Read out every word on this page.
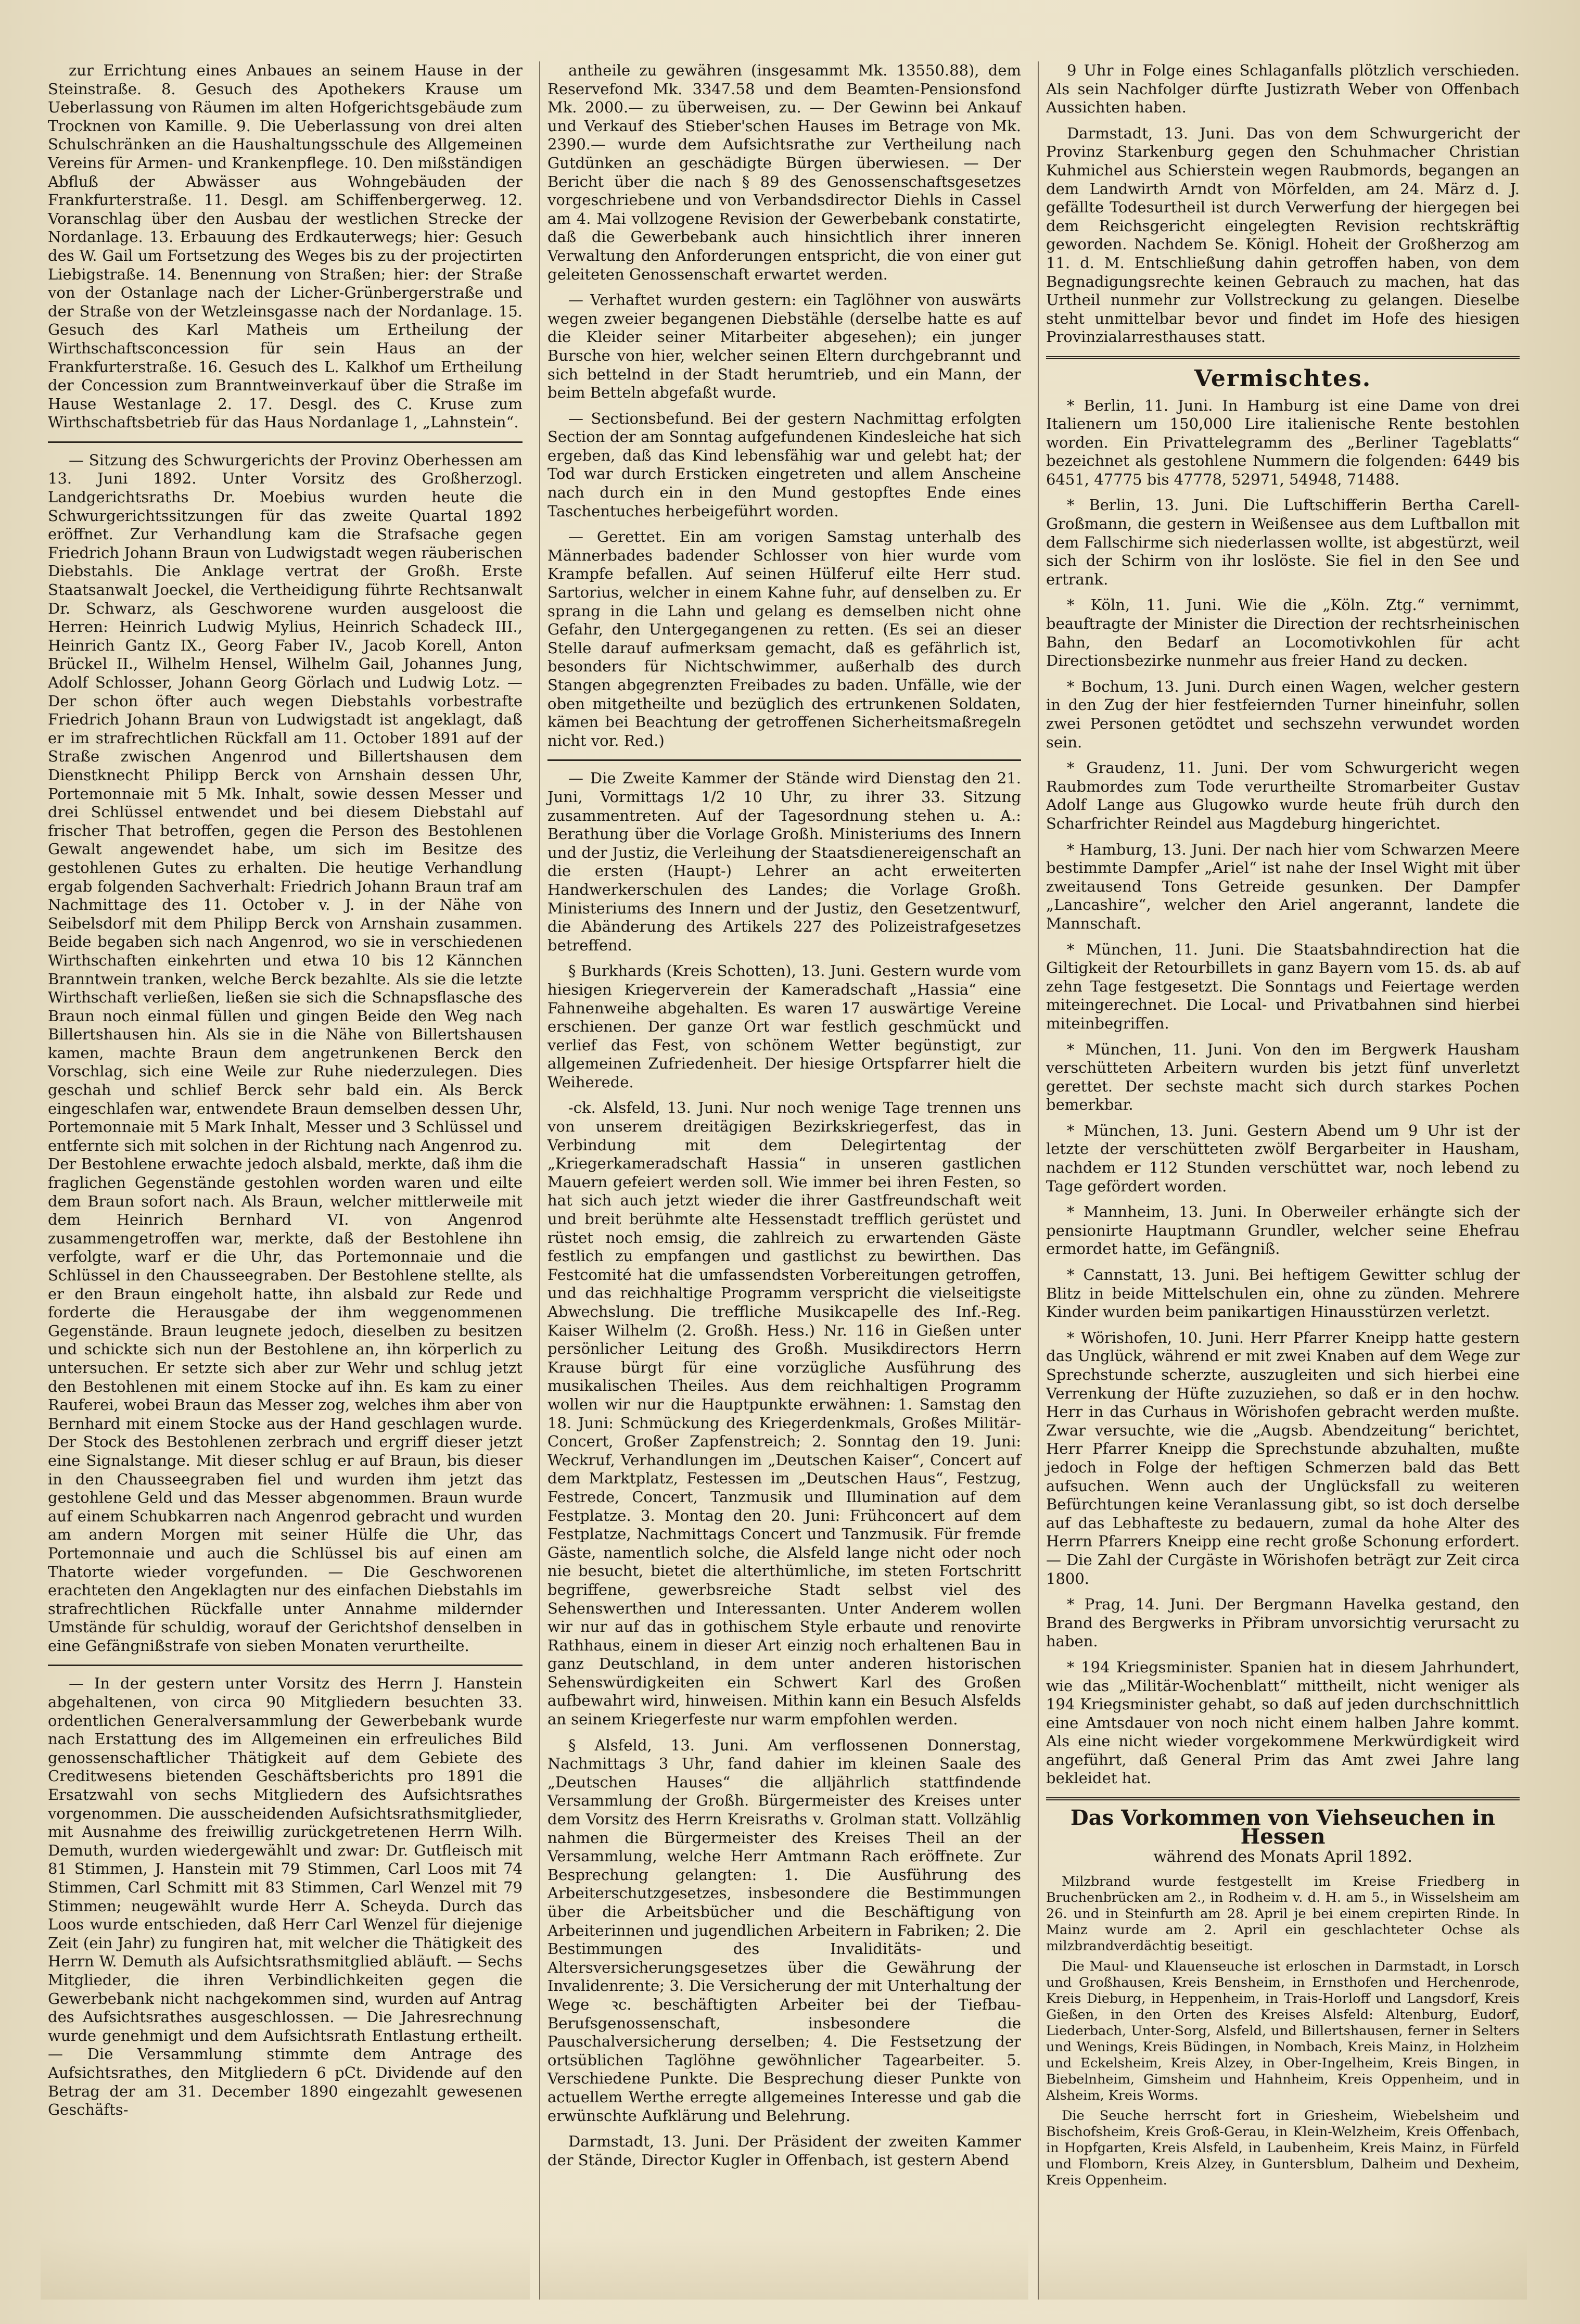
zur Errichtung eines Anbaues an seinem Hause in der Steinstraße. 8. Gesuch des Apothekers Krause um Ueberlassung von Räumen im alten Hofgerichtsgebäude zum Trocknen von Kamille. 9. Die Ueberlassung von drei alten Schulschränken an die Haushaltungsschule des Allgemeinen Vereins für Armen- und Krankenpflege. 10. Den mißständigen Abfluß der Abwässer aus Wohngebäuden der Frankfurterstraße. 11. Desgl. am Schiffenbergerweg. 12. Voranschlag über den Ausbau der westlichen Strecke der Nordanlage. 13. Erbauung des Erdkauterwegs; hier: Gesuch des W. Gail um Fortsetzung des Weges bis zu der projectirten Liebigstraße. 14. Benennung von Straßen; hier: der Straße von der Ostanlage nach der Licher-Grünbergerstraße und der Straße von der Wetzleinsgasse nach der Nordanlage. 15. Gesuch des Karl Matheis um Ertheilung der Wirthschaftsconcession für sein Haus an der Frankfurterstraße. 16. Gesuch des L. Kalkhof um Ertheilung der Concession zum Branntweinverkauf über die Straße im Hause Westanlage 2. 17. Desgl. des C. Kruse zum Wirthschaftsbetrieb für das Haus Nordanlage 1, „Lahnstein“.

— Sitzung des Schwurgerichts der Provinz Oberhessen am 13. Juni 1892. Unter Vorsitz des Großherzogl. Landgerichtsraths Dr. Moebius wurden heute die Schwurgerichtssitzungen für das zweite Quartal 1892 eröffnet. Zur Verhandlung kam die Strafsache gegen Friedrich Johann Braun von Ludwigstadt wegen räuberischen Diebstahls. Die Anklage vertrat der Großh. Erste Staatsanwalt Joeckel, die Vertheidigung führte Rechtsanwalt Dr. Schwarz, als Geschworene wurden ausgeloost die Herren: Heinrich Ludwig Mylius, Heinrich Schadeck III., Heinrich Gantz IX., Georg Faber IV., Jacob Korell, Anton Brückel II., Wilhelm Hensel, Wilhelm Gail, Johannes Jung, Adolf Schlosser, Johann Georg Görlach und Ludwig Lotz. — Der schon öfter auch wegen Diebstahls vorbestrafte Friedrich Johann Braun von Ludwigstadt ist angeklagt, daß er im strafrechtlichen Rückfall am 11. October 1891 auf der Straße zwischen Angenrod und Billertshausen dem Dienstknecht Philipp Berck von Arnshain dessen Uhr, Portemonnaie mit 5 Mk. Inhalt, sowie dessen Messer und drei Schlüssel entwendet und bei diesem Diebstahl auf frischer That betroffen, gegen die Person des Bestohlenen Gewalt angewendet habe, um sich im Besitze des gestohlenen Gutes zu erhalten. Die heutige Verhandlung ergab folgenden Sachverhalt: Friedrich Johann Braun traf am Nachmittage des 11. October v. J. in der Nähe von Seibelsdorf mit dem Philipp Berck von Arnshain zusammen. Beide begaben sich nach Angenrod, wo sie in verschiedenen Wirthschaften einkehrten und etwa 10 bis 12 Kännchen Branntwein tranken, welche Berck bezahlte. Als sie die letzte Wirthschaft verließen, ließen sie sich die Schnapsflasche des Braun noch einmal füllen und gingen Beide den Weg nach Billertshausen hin. Als sie in die Nähe von Billertshausen kamen, machte Braun dem angetrunkenen Berck den Vorschlag, sich eine Weile zur Ruhe niederzulegen. Dies geschah und schlief Berck sehr bald ein. Als Berck eingeschlafen war, entwendete Braun demselben dessen Uhr, Portemonnaie mit 5 Mark Inhalt, Messer und 3 Schlüssel und entfernte sich mit solchen in der Richtung nach Angenrod zu. Der Bestohlene erwachte jedoch alsbald, merkte, daß ihm die fraglichen Gegenstände gestohlen worden waren und eilte dem Braun sofort nach. Als Braun, welcher mittlerweile mit dem Heinrich Bernhard VI. von Angenrod zusammengetroffen war, merkte, daß der Bestohlene ihn verfolgte, warf er die Uhr, das Portemonnaie und die Schlüssel in den Chausseegraben. Der Bestohlene stellte, als er den Braun eingeholt hatte, ihn alsbald zur Rede und forderte die Herausgabe der ihm weggenommenen Gegenstände. Braun leugnete jedoch, dieselben zu besitzen und schickte sich nun der Bestohlene an, ihn körperlich zu untersuchen. Er setzte sich aber zur Wehr und schlug jetzt den Bestohlenen mit einem Stocke auf ihn. Es kam zu einer Rauferei, wobei Braun das Messer zog, welches ihm aber von Bernhard mit einem Stocke aus der Hand geschlagen wurde. Der Stock des Bestohlenen zerbrach und ergriff dieser jetzt eine Signalstange. Mit dieser schlug er auf Braun, bis dieser in den Chausseegraben fiel und wurden ihm jetzt das gestohlene Geld und das Messer abgenommen. Braun wurde auf einem Schubkarren nach Angenrod gebracht und wurden am andern Morgen mit seiner Hülfe die Uhr, das Portemonnaie und auch die Schlüssel bis auf einen am Thatorte wieder vorgefunden. — Die Geschworenen erachteten den Angeklagten nur des einfachen Diebstahls im strafrechtlichen Rückfalle unter Annahme mildernder Umstände für schuldig, worauf der Gerichtshof denselben in eine Gefängnißstrafe von sieben Monaten verurtheilte.

— In der gestern unter Vorsitz des Herrn J. Hanstein abgehaltenen, von circa 90 Mitgliedern besuchten 33. ordentlichen Generalversammlung der Gewerbebank wurde nach Erstattung des im Allgemeinen ein erfreuliches Bild genossenschaftlicher Thätigkeit auf dem Gebiete des Creditwesens bietenden Geschäftsberichts pro 1891 die Ersatzwahl von sechs Mitgliedern des Aufsichtsrathes vorgenommen. Die ausscheidenden Aufsichtsrathsmitglieder, mit Ausnahme des freiwillig zurückgetretenen Herrn Wilh. Demuth, wurden wiedergewählt und zwar: Dr. Gutfleisch mit 81 Stimmen, J. Hanstein mit 79 Stimmen, Carl Loos mit 74 Stimmen, Carl Schmitt mit 83 Stimmen, Carl Wenzel mit 79 Stimmen; neugewählt wurde Herr A. Scheyda. Durch das Loos wurde entschieden, daß Herr Carl Wenzel für diejenige Zeit (ein Jahr) zu fungiren hat, mit welcher die Thätigkeit des Herrn W. Demuth als Aufsichtsrathsmitglied abläuft. — Sechs Mitglieder, die ihren Verbindlichkeiten gegen die Gewerbebank nicht nachgekommen sind, wurden auf Antrag des Aufsichtsrathes ausgeschlossen. — Die Jahresrechnung wurde genehmigt und dem Aufsichtsrath Entlastung ertheilt. — Die Versammlung stimmte dem Antrage des Aufsichtsrathes, den Mitgliedern 6 pCt. Dividende auf den Betrag der am 31. December 1890 eingezahlt gewesenen Geschäfts-

antheile zu gewähren (insgesammt Mk. 13550.88), dem Reservefond Mk. 3347.58 und dem Beamten-Pensionsfond Mk. 2000.— zu überweisen, zu. — Der Gewinn bei Ankauf und Verkauf des Stieber'schen Hauses im Betrage von Mk. 2390.— wurde dem Aufsichtsrathe zur Vertheilung nach Gutdünken an geschädigte Bürgen überwiesen. — Der Bericht über die nach § 89 des Genossenschaftsgesetzes vorgeschriebene und von Verbandsdirector Diehls in Cassel am 4. Mai vollzogene Revision der Gewerbebank constatirte, daß die Gewerbebank auch hinsichtlich ihrer inneren Verwaltung den Anforderungen entspricht, die von einer gut geleiteten Genossenschaft erwartet werden.

— Verhaftet wurden gestern: ein Taglöhner von auswärts wegen zweier begangenen Diebstähle (derselbe hatte es auf die Kleider seiner Mitarbeiter abgesehen); ein junger Bursche von hier, welcher seinen Eltern durchgebrannt und sich bettelnd in der Stadt herumtrieb, und ein Mann, der beim Betteln abgefaßt wurde.

— Sectionsbefund. Bei der gestern Nachmittag erfolgten Section der am Sonntag aufgefundenen Kindesleiche hat sich ergeben, daß das Kind lebensfähig war und gelebt hat; der Tod war durch Ersticken eingetreten und allem Anscheine nach durch ein in den Mund gestopftes Ende eines Taschentuches herbeigeführt worden.

— Gerettet. Ein am vorigen Samstag unterhalb des Männerbades badender Schlosser von hier wurde vom Krampfe befallen. Auf seinen Hülferuf eilte Herr stud. Sartorius, welcher in einem Kahne fuhr, auf denselben zu. Er sprang in die Lahn und gelang es demselben nicht ohne Gefahr, den Untergegangenen zu retten. (Es sei an dieser Stelle darauf aufmerksam gemacht, daß es gefährlich ist, besonders für Nichtschwimmer, außerhalb des durch Stangen abgegrenzten Freibades zu baden. Unfälle, wie der oben mitgetheilte und bezüglich des ertrunkenen Soldaten, kämen bei Beachtung der getroffenen Sicherheitsmaßregeln nicht vor. Red.)

— Die Zweite Kammer der Stände wird Dienstag den 21. Juni, Vormittags 1/2 10 Uhr, zu ihrer 33. Sitzung zusammentreten. Auf der Tagesordnung stehen u. A.: Berathung über die Vorlage Großh. Ministeriums des Innern und der Justiz, die Verleihung der Staatsdienereigenschaft an die ersten (Haupt-) Lehrer an acht erweiterten Handwerkerschulen des Landes; die Vorlage Großh. Ministeriums des Innern und der Justiz, den Gesetzentwurf, die Abänderung des Artikels 227 des Polizeistrafgesetzes betreffend.

§ Burkhards (Kreis Schotten), 13. Juni. Gestern wurde vom hiesigen Kriegerverein der Kameradschaft „Hassia“ eine Fahnenweihe abgehalten. Es waren 17 auswärtige Vereine erschienen. Der ganze Ort war festlich geschmückt und verlief das Fest, von schönem Wetter begünstigt, zur allgemeinen Zufriedenheit. Der hiesige Ortspfarrer hielt die Weiherede.

-ck. Alsfeld, 13. Juni. Nur noch wenige Tage trennen uns von unserem dreitägigen Bezirkskriegerfest, das in Verbindung mit dem Delegirtentag der „Kriegerkameradschaft Hassia“ in unseren gastlichen Mauern gefeiert werden soll. Wie immer bei ihren Festen, so hat sich auch jetzt wieder die ihrer Gastfreundschaft weit und breit berühmte alte Hessenstadt trefflich gerüstet und rüstet noch emsig, die zahlreich zu erwartenden Gäste festlich zu empfangen und gastlichst zu bewirthen. Das Festcomité hat die umfassendsten Vorbereitungen getroffen, und das reichhaltige Programm verspricht die vielseitigste Abwechslung. Die treffliche Musikcapelle des Inf.-Reg. Kaiser Wilhelm (2. Großh. Hess.) Nr. 116 in Gießen unter persönlicher Leitung des Großh. Musikdirectors Herrn Krause bürgt für eine vorzügliche Ausführung des musikalischen Theiles. Aus dem reichhaltigen Programm wollen wir nur die Hauptpunkte erwähnen: 1. Samstag den 18. Juni: Schmückung des Kriegerdenkmals, Großes Militär-Concert, Großer Zapfenstreich; 2. Sonntag den 19. Juni: Weckruf, Verhandlungen im „Deutschen Kaiser“, Concert auf dem Marktplatz, Festessen im „Deutschen Haus“, Festzug, Festrede, Concert, Tanzmusik und Illumination auf dem Festplatze. 3. Montag den 20. Juni: Frühconcert auf dem Festplatze, Nachmittags Concert und Tanzmusik. Für fremde Gäste, namentlich solche, die Alsfeld lange nicht oder noch nie besucht, bietet die alterthümliche, im steten Fortschritt begriffene, gewerbsreiche Stadt selbst viel des Sehenswerthen und Interessanten. Unter Anderem wollen wir nur auf das in gothischem Style erbaute und renovirte Rathhaus, einem in dieser Art einzig noch erhaltenen Bau in ganz Deutschland, in dem unter anderen historischen Sehenswürdigkeiten ein Schwert Karl des Großen aufbewahrt wird, hinweisen. Mithin kann ein Besuch Alsfelds an seinem Kriegerfeste nur warm empfohlen werden.

§ Alsfeld, 13. Juni. Am verflossenen Donnerstag, Nachmittags 3 Uhr, fand dahier im kleinen Saale des „Deutschen Hauses“ die alljährlich stattfindende Versammlung der Großh. Bürgermeister des Kreises unter dem Vorsitz des Herrn Kreisraths v. Grolman statt. Vollzählig nahmen die Bürgermeister des Kreises Theil an der Versammlung, welche Herr Amtmann Rach eröffnete. Zur Besprechung gelangten: 1. Die Ausführung des Arbeiterschutzgesetzes, insbesondere die Bestimmungen über die Arbeitsbücher und die Beschäftigung von Arbeiterinnen und jugendlichen Arbeitern in Fabriken; 2. Die Bestimmungen des Invaliditäts- und Altersversicherungsgesetzes über die Gewährung der Invalidenrente; 3. Die Versicherung der mit Unterhaltung der Wege ꝛc. beschäftigten Arbeiter bei der Tiefbau-Berufsgenossenschaft, insbesondere die Pauschalversicherung derselben; 4. Die Festsetzung der ortsüblichen Taglöhne gewöhnlicher Tagearbeiter. 5. Verschiedene Punkte. Die Besprechung dieser Punkte von actuellem Werthe erregte allgemeines Interesse und gab die erwünschte Aufklärung und Belehrung.

Darmstadt, 13. Juni. Der Präsident der zweiten Kammer der Stände, Director Kugler in Offenbach, ist gestern Abend

9 Uhr in Folge eines Schlaganfalls plötzlich verschieden. Als sein Nachfolger dürfte Justizrath Weber von Offenbach Aussichten haben.

Darmstadt, 13. Juni. Das von dem Schwurgericht der Provinz Starkenburg gegen den Schuhmacher Christian Kuhmichel aus Schierstein wegen Raubmords, begangen an dem Landwirth Arndt von Mörfelden, am 24. März d. J. gefällte Todesurtheil ist durch Verwerfung der hiergegen bei dem Reichsgericht eingelegten Revision rechtskräftig geworden. Nachdem Se. Königl. Hoheit der Großherzog am 11. d. M. Entschließung dahin getroffen haben, von dem Begnadigungsrechte keinen Gebrauch zu machen, hat das Urtheil nunmehr zur Vollstreckung zu gelangen. Dieselbe steht unmittelbar bevor und findet im Hofe des hiesigen Provinzialarresthauses statt.

Vermischtes.

* Berlin, 11. Juni. In Hamburg ist eine Dame von drei Italienern um 150,000 Lire italienische Rente bestohlen worden. Ein Privattelegramm des „Berliner Tageblatts“ bezeichnet als gestohlene Nummern die folgenden: 6449 bis 6451, 47775 bis 47778, 52971, 54948, 71488.

* Berlin, 13. Juni. Die Luftschifferin Bertha Carell-Großmann, die gestern in Weißensee aus dem Luftballon mit dem Fallschirme sich niederlassen wollte, ist abgestürzt, weil sich der Schirm von ihr loslöste. Sie fiel in den See und ertrank.

* Köln, 11. Juni. Wie die „Köln. Ztg.“ vernimmt, beauftragte der Minister die Direction der rechtsrheinischen Bahn, den Bedarf an Locomotivkohlen für acht Directionsbezirke nunmehr aus freier Hand zu decken.

* Bochum, 13. Juni. Durch einen Wagen, welcher gestern in den Zug der hier festfeiernden Turner hineinfuhr, sollen zwei Personen getödtet und sechszehn verwundet worden sein.

* Graudenz, 11. Juni. Der vom Schwurgericht wegen Raubmordes zum Tode verurtheilte Stromarbeiter Gustav Adolf Lange aus Glugowko wurde heute früh durch den Scharfrichter Reindel aus Magdeburg hingerichtet.

* Hamburg, 13. Juni. Der nach hier vom Schwarzen Meere bestimmte Dampfer „Ariel“ ist nahe der Insel Wight mit über zweitausend Tons Getreide gesunken. Der Dampfer „Lancashire“, welcher den Ariel angerannt, landete die Mannschaft.

* München, 11. Juni. Die Staatsbahndirection hat die Giltigkeit der Retourbillets in ganz Bayern vom 15. ds. ab auf zehn Tage festgesetzt. Die Sonntags und Feiertage werden miteingerechnet. Die Local- und Privatbahnen sind hierbei miteinbegriffen.

* München, 11. Juni. Von den im Bergwerk Hausham verschütteten Arbeitern wurden bis jetzt fünf unverletzt gerettet. Der sechste macht sich durch starkes Pochen bemerkbar.

* München, 13. Juni. Gestern Abend um 9 Uhr ist der letzte der verschütteten zwölf Bergarbeiter in Hausham, nachdem er 112 Stunden verschüttet war, noch lebend zu Tage gefördert worden.

* Mannheim, 13. Juni. In Oberweiler erhängte sich der pensionirte Hauptmann Grundler, welcher seine Ehefrau ermordet hatte, im Gefängniß.

* Cannstatt, 13. Juni. Bei heftigem Gewitter schlug der Blitz in beide Mittelschulen ein, ohne zu zünden. Mehrere Kinder wurden beim panikartigen Hinausstürzen verletzt.

* Wörishofen, 10. Juni. Herr Pfarrer Kneipp hatte gestern das Unglück, während er mit zwei Knaben auf dem Wege zur Sprechstunde scherzte, auszugleiten und sich hierbei eine Verrenkung der Hüfte zuzuziehen, so daß er in den hochw. Herr in das Curhaus in Wörishofen gebracht werden mußte. Zwar versuchte, wie die „Augsb. Abendzeitung“ berichtet, Herr Pfarrer Kneipp die Sprechstunde abzuhalten, mußte jedoch in Folge der heftigen Schmerzen bald das Bett aufsuchen. Wenn auch der Unglücksfall zu weiteren Befürchtungen keine Veranlassung gibt, so ist doch derselbe auf das Lebhafteste zu bedauern, zumal da hohe Alter des Herrn Pfarrers Kneipp eine recht große Schonung erfordert. — Die Zahl der Curgäste in Wörishofen beträgt zur Zeit circa 1800.

* Prag, 14. Juni. Der Bergmann Havelka gestand, den Brand des Bergwerks in Přibram unvorsichtig verursacht zu haben.

* 194 Kriegsminister. Spanien hat in diesem Jahrhundert, wie das „Militär-Wochenblatt“ mittheilt, nicht weniger als 194 Kriegsminister gehabt, so daß auf jeden durchschnittlich eine Amtsdauer von noch nicht einem halben Jahre kommt. Als eine nicht wieder vorgekommene Merkwürdigkeit wird angeführt, daß General Prim das Amt zwei Jahre lang bekleidet hat.

Das Vorkommen von Viehseuchen in Hessen
während des Monats April 1892.

Milzbrand wurde festgestellt im Kreise Friedberg in Bruchenbrücken am 2., in Rodheim v. d. H. am 5., in Wisselsheim am 26. und in Steinfurth am 28. April je bei einem crepirten Rinde. In Mainz wurde am 2. April ein geschlachteter Ochse als milzbrandverdächtig beseitigt.

Die Maul- und Klauenseuche ist erloschen in Darmstadt, in Lorsch und Großhausen, Kreis Bensheim, in Ernsthofen und Herchenrode, Kreis Dieburg, in Heppenheim, in Trais-Horloff und Langsdorf, Kreis Gießen, in den Orten des Kreises Alsfeld: Altenburg, Eudorf, Liederbach, Unter-Sorg, Alsfeld, und Billertshausen, ferner in Selters und Wenings, Kreis Büdingen, in Nombach, Kreis Mainz, in Holzheim und Eckelsheim, Kreis Alzey, in Ober-Ingelheim, Kreis Bingen, in Biebelnheim, Gimsheim und Hahnheim, Kreis Oppenheim, und in Alsheim, Kreis Worms.

Die Seuche herrscht fort in Griesheim, Wiebelsheim und Bischofsheim, Kreis Groß-Gerau, in Klein-Welzheim, Kreis Offenbach, in Hopfgarten, Kreis Alsfeld, in Laubenheim, Kreis Mainz, in Fürfeld und Flomborn, Kreis Alzey, in Guntersblum, Dalheim und Dexheim, Kreis Oppenheim.
